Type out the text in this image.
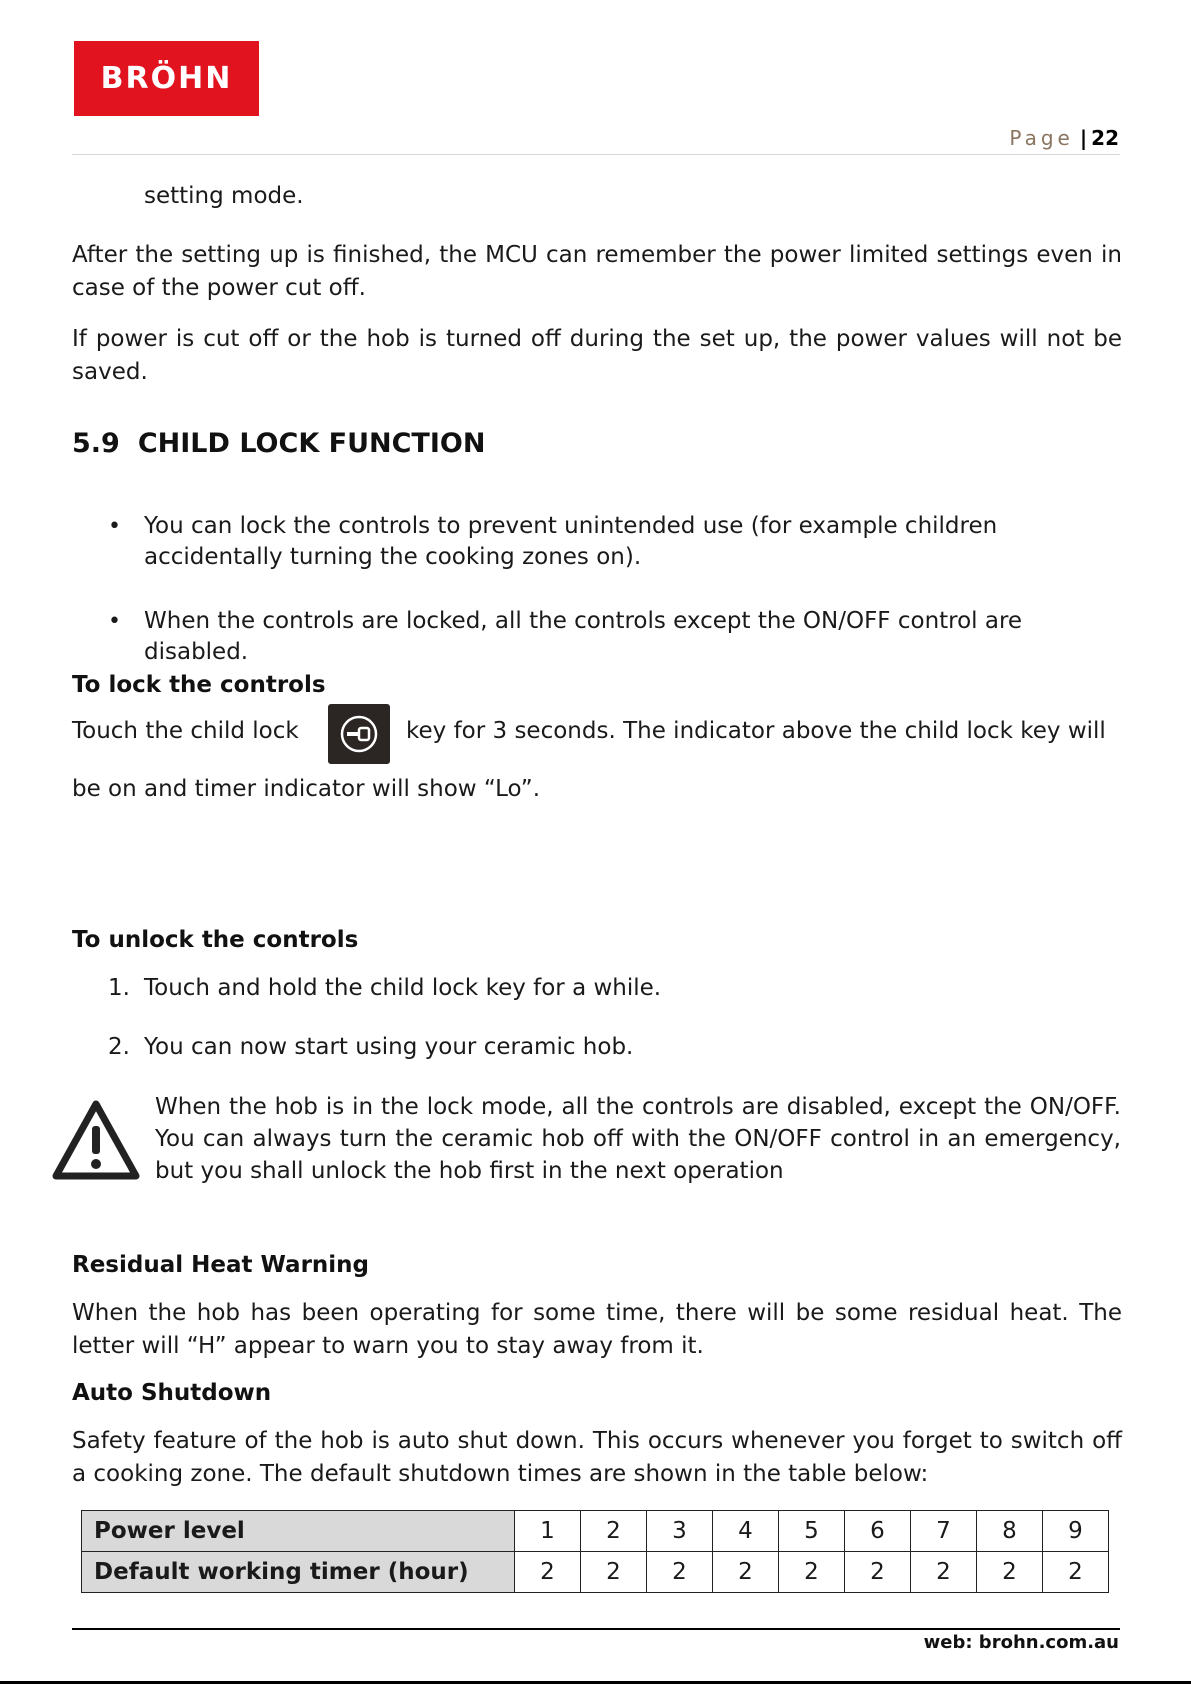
BRÖHN
Page | 22
setting mode.
After the setting up is finished, the MCU can remember the power limited settings even in case of the power cut off.
If power is cut off or the hob is turned off during the set up, the power values will not be saved.
5.9 CHILD LOCK FUNCTION
• You can lock the controls to prevent unintended use (for example children accidentally turning the cooking zones on).
• When the controls are locked, all the controls except the ON/OFF control are disabled.
To lock the controls
Touch the child lock	key for 3 seconds. The indicator above the child lock key will
be on and timer indicator will show “Lo”.
To unlock the controls
1. Touch and hold the child lock key for a while.
2. You can now start using your ceramic hob.
When the hob is in the lock mode, all the controls are disabled, except the ON/OFF. You can always turn the ceramic hob off with the ON/OFF control in an emergency, but you shall unlock the hob first in the next operation
Residual Heat Warning
When the hob has been operating for some time, there will be some residual heat. The letter will “H” appear to warn you to stay away from it.
Auto Shutdown
Safety feature of the hob is auto shut down. This occurs whenever you forget to switch off a cooking zone. The default shutdown times are shown in the table below:
Power level	1	2	3	4	5	6	7	8	9
Default working timer (hour)	2	2	2	2	2	2	2	2	2
web: brohn.com.au
